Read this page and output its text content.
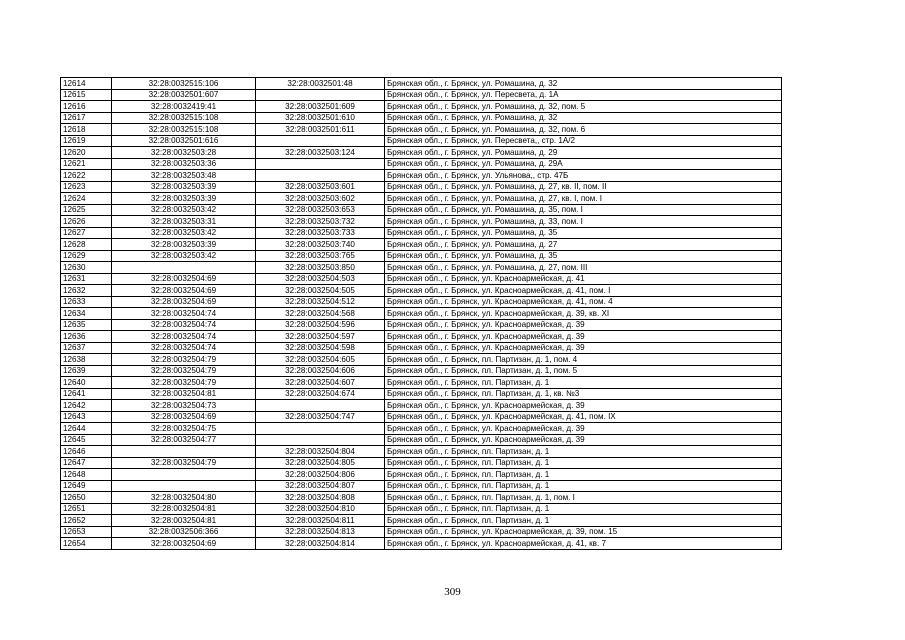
12614	32:28:0032515:106	32:28:0032501:48	Брянская обл., г. Брянск, ул. Ромашина, д. 32
12615	32:28:0032501:607		Брянская обл., г. Брянск, ул. Пересвета, д. 1А
12616	32:28:0032419:41	32:28:0032501:609	Брянская обл., г. Брянск, ул. Ромашина, д. 32, пом. 5
12617	32:28:0032515:108	32:28:0032501:610	Брянская обл., г. Брянск, ул. Ромашина, д. 32
12618	32:28:0032515:108	32:28:0032501:611	Брянская обл., г. Брянск, ул. Ромашина, д. 32, пом. 6
12619	32:28:0032501:616		Брянская обл., г. Брянск, ул. Пересвета,, стр. 1А/2
12620	32:28:0032503:28	32:28:0032503:124	Брянская обл., г. Брянск, ул. Ромашина, д. 29
12621	32:28:0032503:36		Брянская обл., г. Брянск, ул. Ромашина, д. 29А
12622	32:28:0032503:48		Брянская обл., г. Брянск, ул. Ульянова,, стр. 47Б
12623	32:28:0032503:39	32:28:0032503:601	Брянская обл., г. Брянск, ул. Ромашина, д. 27, кв. II, пом. II
12624	32:28:0032503:39	32:28:0032503:602	Брянская обл., г. Брянск, ул. Ромашина, д. 27, кв. I, пом. I
12625	32:28:0032503:42	32:28:0032503:653	Брянская обл., г. Брянск, ул. Ромашина, д. 35, пом. I
12626	32:28:0032503:31	32:28:0032503:732	Брянская обл., г. Брянск, ул. Ромашина, д. 33, пом. I
12627	32:28:0032503:42	32:28:0032503:733	Брянская обл., г. Брянск, ул. Ромашина, д. 35
12628	32:28:0032503:39	32:28:0032503:740	Брянская обл., г. Брянск, ул. Ромашина, д. 27
12629	32:28:0032503:42	32:28:0032503:765	Брянская обл., г. Брянск, ул. Ромашина, д. 35
12630		32:28:0032503:850	Брянская обл., г. Брянск, ул. Ромашина, д. 27, пом. III
12631	32:28:0032504:69	32:28:0032504:503	Брянская обл., г. Брянск, ул. Красноармейская, д. 41
12632	32:28:0032504:69	32:28:0032504:505	Брянская обл., г. Брянск, ул. Красноармейская, д. 41, пом. I
12633	32:28:0032504:69	32:28:0032504:512	Брянская обл., г. Брянск, ул. Красноармейская, д. 41, пом. 4
12634	32:28:0032504:74	32:28:0032504:568	Брянская обл., г. Брянск, ул. Красноармейская, д. 39, кв. XI
12635	32:28:0032504:74	32:28:0032504:596	Брянская обл., г. Брянск, ул. Красноармейская, д. 39
12636	32:28:0032504:74	32:28:0032504:597	Брянская обл., г. Брянск, ул. Красноармейская, д. 39
12637	32:28:0032504:74	32:28:0032504:598	Брянская обл., г. Брянск, ул. Красноармейская, д. 39
12638	32:28:0032504:79	32:28:0032504:605	Брянская обл., г. Брянск, пл. Партизан, д. 1, пом. 4
12639	32:28:0032504:79	32:28:0032504:606	Брянская обл., г. Брянск, пл. Партизан, д. 1, пом. 5
12640	32:28:0032504:79	32:28:0032504:607	Брянская обл., г. Брянск, пл. Партизан, д. 1
12641	32:28:0032504:81	32:28:0032504:674	Брянская обл., г. Брянск, пл. Партизан, д. 1, кв. №3
12642	32:28:0032504:73		Брянская обл., г. Брянск, ул. Красноармейская, д. 39
12643	32:28:0032504:69	32:28:0032504:747	Брянская обл., г. Брянск, ул. Красноармейская, д. 41, пом. IX
12644	32:28:0032504:75		Брянская обл., г. Брянск, ул. Красноармейская, д. 39
12645	32:28:0032504:77		Брянская обл., г. Брянск, ул. Красноармейская, д. 39
12646		32:28:0032504:804	Брянская обл., г. Брянск, пл. Партизан, д. 1
12647	32:28:0032504:79	32:28:0032504:805	Брянская обл., г. Брянск, пл. Партизан, д. 1
12648		32:28:0032504:806	Брянская обл., г. Брянск, пл. Партизан, д. 1
12649		32:28:0032504:807	Брянская обл., г. Брянск, пл. Партизан, д. 1
12650	32:28:0032504:80	32:28:0032504:808	Брянская обл., г. Брянск, пл. Партизан, д. 1, пом. I
12651	32:28:0032504:81	32:28:0032504:810	Брянская обл., г. Брянск, пл. Партизан, д. 1
12652	32:28:0032504:81	32:28:0032504:811	Брянская обл., г. Брянск, пл. Партизан, д. 1
12653	32:28:0032506:366	32:28:0032504:813	Брянская обл., г. Брянск, ул. Красноармейская, д. 39, пом. 15
12654	32:28:0032504:69	32:28:0032504:814	Брянская обл., г. Брянск, ул. Красноармейская, д. 41, кв. 7
309
